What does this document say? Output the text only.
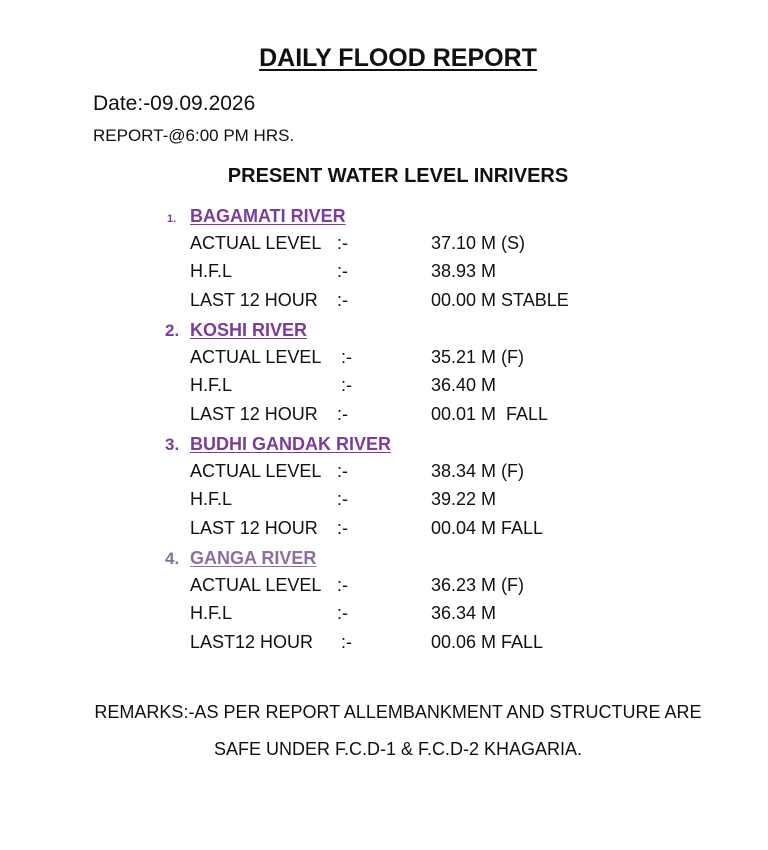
DAILY FLOOD REPORT
Date:-09.09.2026
REPORT-@6:00 PM HRS.
PRESENT WATER LEVEL INRIVERS
1. BAGAMATI RIVER
ACTUAL LEVEL :-	37.10 M (S)
H.F.L	:-	38.93 M
LAST 12 HOUR :-	00.00 M STABLE
2. KOSHI RIVER
ACTUAL LEVEL :-	35.21 M (F)
H.F.L	:-	36.40 M
LAST 12 HOUR :-	00.01 M  FALL
3. BUDHI GANDAK RIVER
ACTUAL LEVEL :-	38.34 M (F)
H.F.L	:-	39.22 M
LAST 12 HOUR :-	00.04 M FALL
4. GANGA RIVER
ACTUAL LEVEL :-	36.23 M (F)
H.F.L	:-	36.34 M
LAST12 HOUR :-	00.06 M FALL
REMARKS:-AS PER REPORT ALLEMBANKMENT AND STRUCTURE ARE
SAFE UNDER F.C.D-1 & F.C.D-2 KHAGARIA.
